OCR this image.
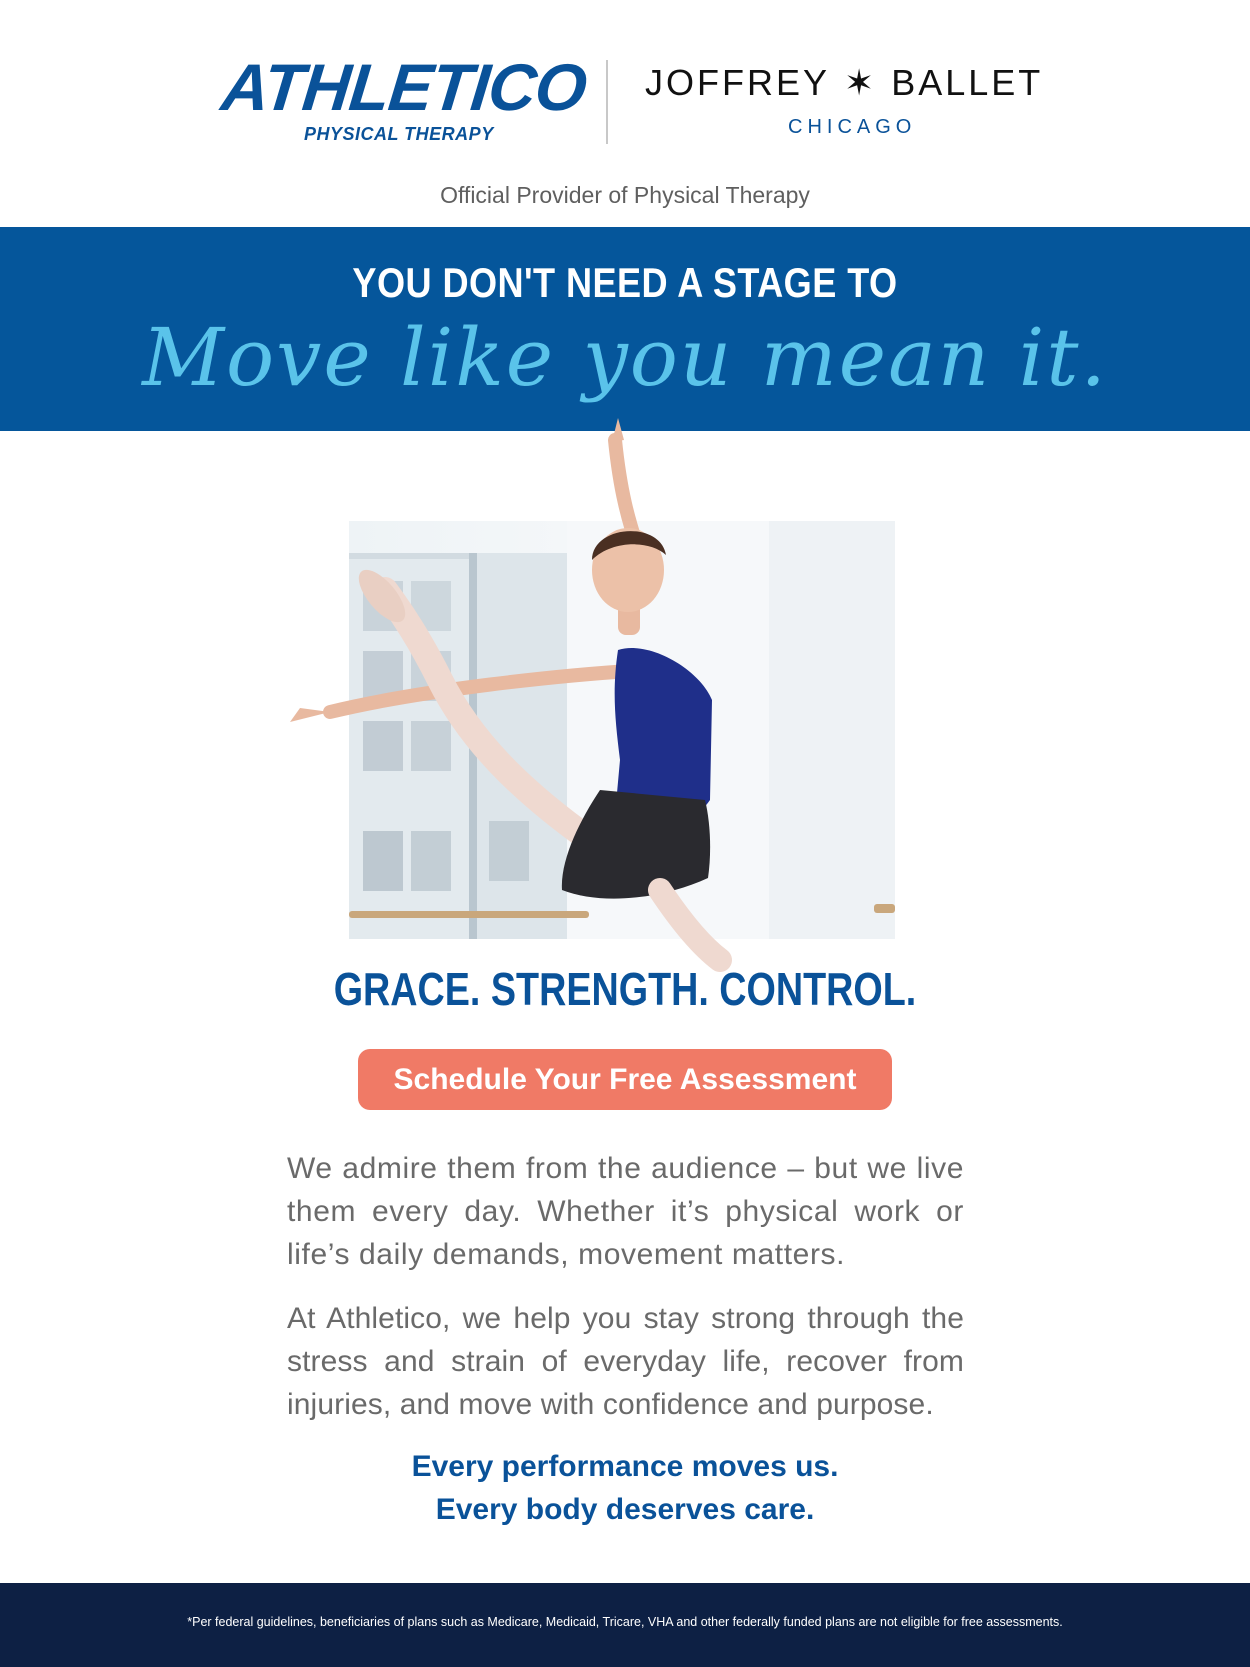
ATHLETICO

PHYSICAL THERAPY
JOFFREY ✶ BALLET
CHICAGO
Official Provider of Physical Therapy
YOU DON'T NEED A STAGE TO
Move like you mean it.
GRACE. STRENGTH. CONTROL.
Schedule Your Free Assessment

We admire them from the audience – but we live them every day. Whether it’s physical work or life’s daily demands, movement matters.

At Athletico, we help you stay strong through the stress and strain of everyday life, recover from injuries, and move with confidence and purpose.

Every performance moves us.

Every body deserves care.

*Per federal guidelines, beneficiaries of plans such as Medicare, Medicaid, Tricare, VHA and other federally funded plans are not eligible for free assessments.
